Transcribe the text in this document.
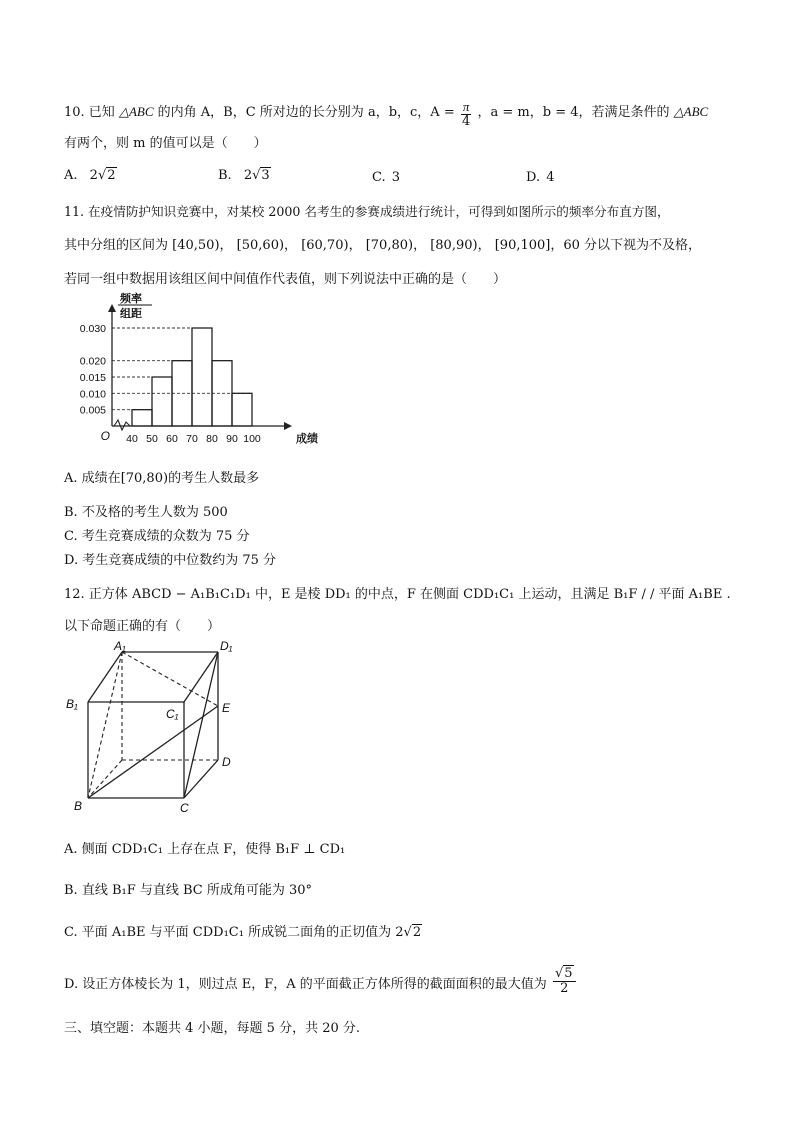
10. 已知 △ABC 的内角 A，B，C 所对边的长分别为 a，b，c，$A = \frac{\pi}{4}$ ，a = m，b = 4，若满足条件的 △ABC
有两个，则 m 的值可以是（　　）
A. 2√2	B. 2√3	C. 3	D. 4
11. 在疫情防护知识竞赛中，对某校 2000 名考生的参赛成绩进行统计，可得到如图所示的频率分布直方图，
其中分组的区间为 [40,50)， [50,60)， [60,70)， [70,80)， [80,90)， [90,100]，60 分以下视为不及格，
若同一组中数据用该组区间中间值作代表值，则下列说法中正确的是（　　）
0.005
0.010
0.015
0.020
0.030
40 50 60 70 80 90 100
O
频率
组距
成绩
A. 成绩在[70,80)的考生人数最多
B. 不及格的考生人数为 500
C. 考生竞赛成绩的众数为 75 分
D. 考生竞赛成绩的中位数约为 75 分
12. 正方体 ABCD − A₁B₁C₁D₁ 中，E 是棱 DD₁ 的中点，F 在侧面 CDD₁C₁ 上运动，且满足 B₁F / / 平面 A₁BE .
以下命题正确的有（　　）
A₁	D₁
B₁
C₁	E
D
B	C
A. 侧面 CDD₁C₁ 上存在点 F，使得 B₁F ⊥ CD₁
B. 直线 B₁F 与直线 BC 所成角可能为 30°
C. 平面 A₁BE 与平面 CDD₁C₁ 所成锐二面角的正切值为 2√2
D. 设正方体棱长为 1，则过点 E，F，A 的平面截正方体所得的截面面积的最大值为 $\frac{√5}{2}$
三、填空题：本题共 4 小题，每题 5 分，共 20 分.
